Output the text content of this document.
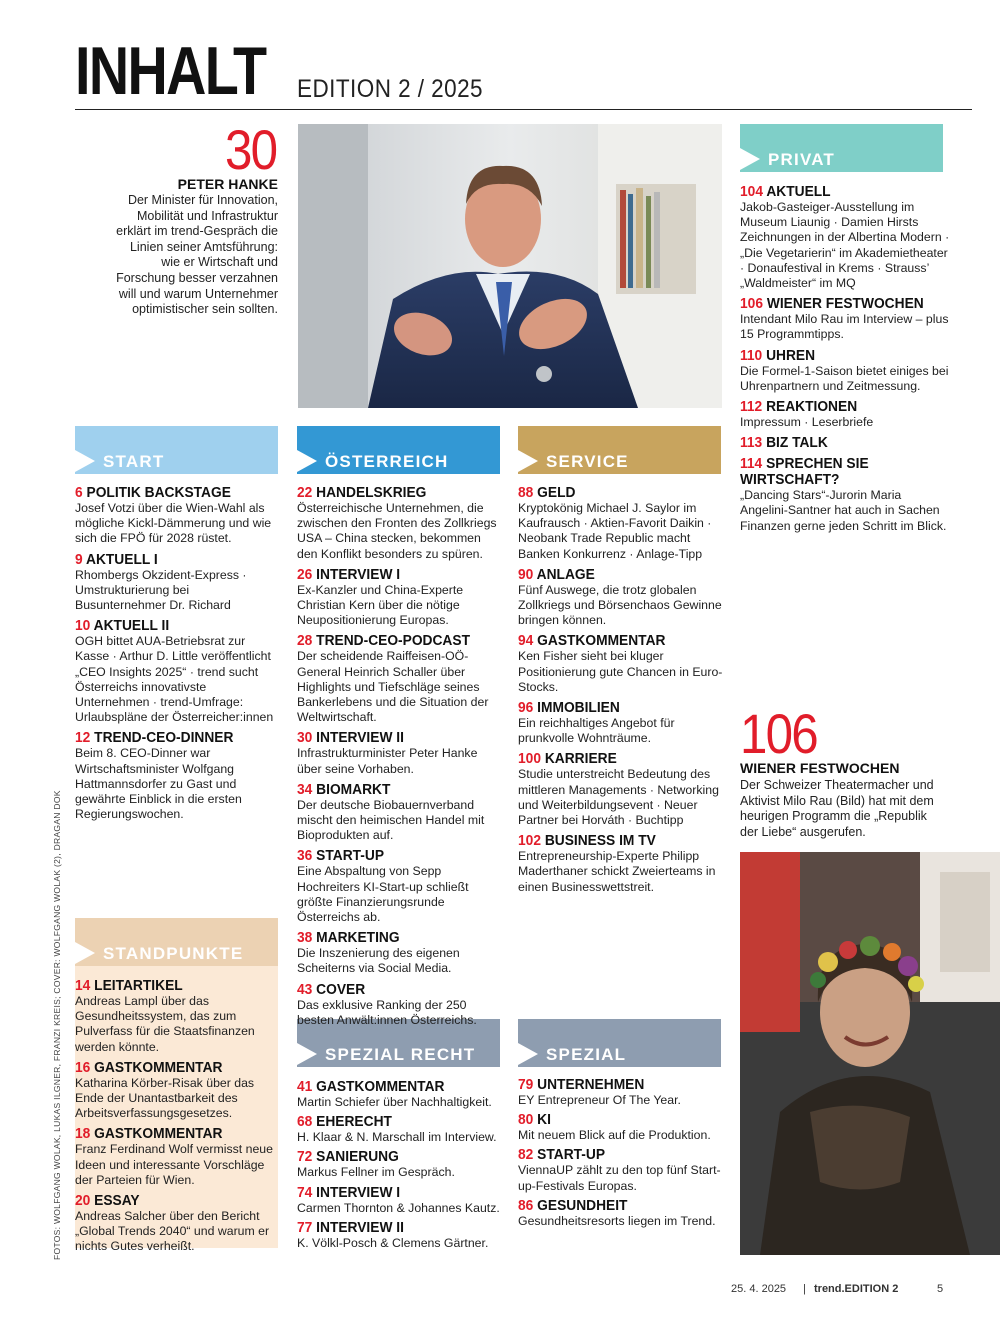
INHALT EDITION 2 / 2025
30
PETER HANKE
Der Minister für Innovation, Mobilität und Infrastruktur erklärt im trend-Gespräch die Linien seiner Amtsführung: wie er Wirtschaft und Forschung besser verzahnen will und warum Unternehmer optimistischer sein sollten.
START	ÖSTERREICH	SERVICE
PRIVAT
STANDPUNKTE
SPEZIAL RECHT	SPEZIAL
6 POLITIK BACKSTAGE
Josef Votzi über die Wien-Wahl als mögliche Kickl-Dämmerung und wie sich die FPÖ für 2028 rüstet.
9 AKTUELL I
Rhombergs Okzident-Express · Umstrukturierung bei Busunternehmer Dr. Richard
10 AKTUELL II
OGH bittet AUA-Betriebsrat zur Kasse · Arthur D. Little veröffentlicht „CEO Insights 2025“ · trend sucht Österreichs innovativste Unternehmen · trend-Umfrage: Urlaubspläne der Österreicher:innen
12 TREND-CEO-DINNER
Beim 8. CEO-Dinner war Wirtschaftsminister Wolfgang Hattmannsdorfer zu Gast und gewährte Einblick in die ersten Regierungswochen.
14 LEITARTIKEL
Andreas Lampl über das Gesundheitssystem, das zum Pulverfass für die Staatsfinanzen werden könnte.
16 GASTKOMMENTAR
Katharina Körber-Risak über das Ende der Unantastbarkeit des Arbeitsverfassungsgesetzes.
18 GASTKOMMENTAR
Franz Ferdinand Wolf vermisst neue Ideen und interessante Vorschläge der Parteien für Wien.
20 ESSAY
Andreas Salcher über den Bericht „Global Trends 2040“ und warum er nichts Gutes verheißt.
22 HANDELSKRIEG
Österreichische Unternehmen, die zwischen den Fronten des Zollkriegs USA – China stecken, bekommen den Konflikt besonders zu spüren.
26 INTERVIEW I
Ex-Kanzler und China-Experte Christian Kern über die nötige Neupositionierung Europas.
28 TREND-CEO-PODCAST
Der scheidende Raiffeisen-OÖ-General Heinrich Schaller über Highlights und Tiefschläge seines Bankerlebens und die Situation der Weltwirtschaft.
30 INTERVIEW II
Infrastrukturminister Peter Hanke über seine Vorhaben.
34 BIOMARKT
Der deutsche Biobauernverband mischt den heimischen Handel mit Bioprodukten auf.
36 START-UP
Eine Abspaltung von Sepp Hochreiters KI-Start-up schließt größte Finanzierungsrunde Österreichs ab.
38 MARKETING
Die Inszenierung des eigenen Scheiterns via Social Media.
43 COVER
Das exklusive Ranking der 250 besten Anwält:innen Österreichs.
41 GASTKOMMENTAR
Martin Schiefer über Nachhaltigkeit.
68 EHERECHT
H. Klaar & N. Marschall im Interview.
72 SANIERUNG
Markus Fellner im Gespräch.
74 INTERVIEW I
Carmen Thornton & Johannes Kautz.
77 INTERVIEW II
K. Völkl-Posch & Clemens Gärtner.
88 GELD
Kryptokönig Michael J. Saylor im Kaufrausch · Aktien-Favorit Daikin · Neobank Trade Republic macht Banken Konkurrenz · Anlage-Tipp
90 ANLAGE
Fünf Auswege, die trotz globalen Zollkriegs und Börsenchaos Gewinne bringen können.
94 GASTKOMMENTAR
Ken Fisher sieht bei kluger Positionierung gute Chancen in Euro-Stocks.
96 IMMOBILIEN
Ein reichhaltiges Angebot für prunkvolle Wohnträume.
100 KARRIERE
Studie unterstreicht Bedeutung des mittleren Managements · Networking und Weiterbildungsevent · Neuer Partner bei Horváth · Buchtipp
102 BUSINESS IM TV
Entrepreneurship-Experte Philipp Maderthaner schickt Zweierteams in einen Businesswettstreit.
79 UNTERNEHMEN
EY Entrepreneur Of The Year.
80 KI
Mit neuem Blick auf die Produktion.
82 START-UP
ViennaUP zählt zu den top fünf Start-up-Festivals Europas.
86 GESUNDHEIT
Gesundheitsresorts liegen im Trend.
104 AKTUELL
Jakob-Gasteiger-Ausstellung im Museum Liaunig · Damien Hirsts Zeichnungen in der Albertina Modern · „Die Vegetarierin“ im Akademietheater · Donaufestival in Krems · Strauss’ „Waldmeister“ im MQ
106 WIENER FESTWOCHEN
Intendant Milo Rau im Interview – plus 15 Programmtipps.
110 UHREN
Die Formel-1-Saison bietet einiges bei Uhrenpartnern und Zeitmessung.
112 REAKTIONEN
Impressum · Leserbriefe
113 BIZ TALK
114 SPRECHEN SIE WIRTSCHAFT?
„Dancing Stars“-Jurorin Maria Angelini-Santner hat auch in Sachen Finanzen gerne jeden Schritt im Blick.
106
WIENER FESTWOCHEN
Der Schweizer Theatermacher und Aktivist Milo Rau (Bild) hat mit dem heurigen Programm die „Republik der Liebe“ ausgerufen.
FOTOS: WOLFGANG WOLAK, LUKAS ILGNER, FRANZI KREIS; COVER: WOLFGANG WOLAK (2), DRAGAN DOK
25. 4. 2025 | trend.EDITION 2	5
